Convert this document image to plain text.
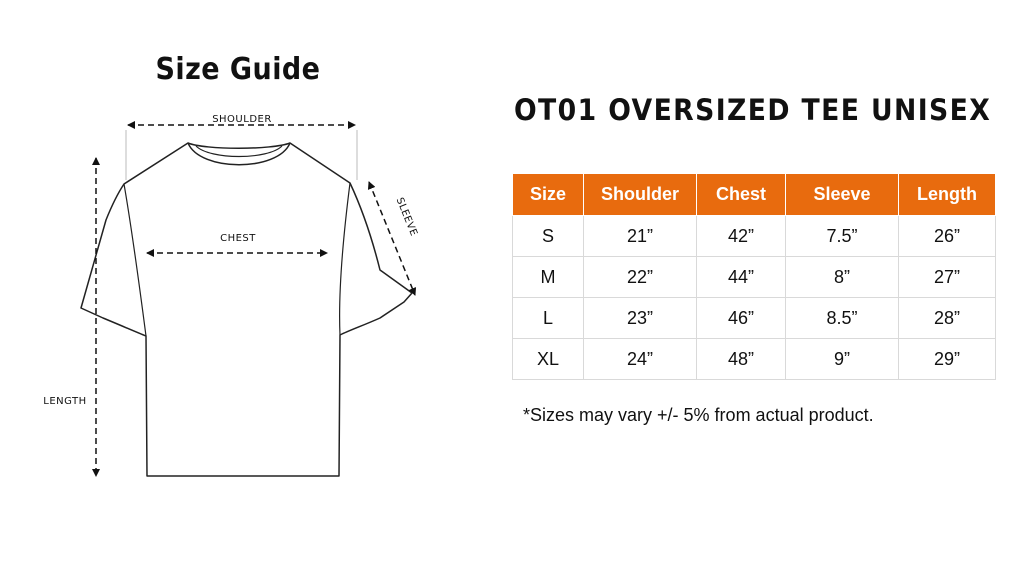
Size Guide
SHOULDER
CHEST
SLEEVE
LENGTH
OT01 OVERSIZED TEE UNISEX
Size	Shoulder	Chest	Sleeve	Length
S	21”	42”	7.5”	26”
M	22”	44”	8”	27”
L	23”	46”	8.5”	28”
XL	24”	48”	9”	29”
*Sizes may vary +/- 5% from actual product.
